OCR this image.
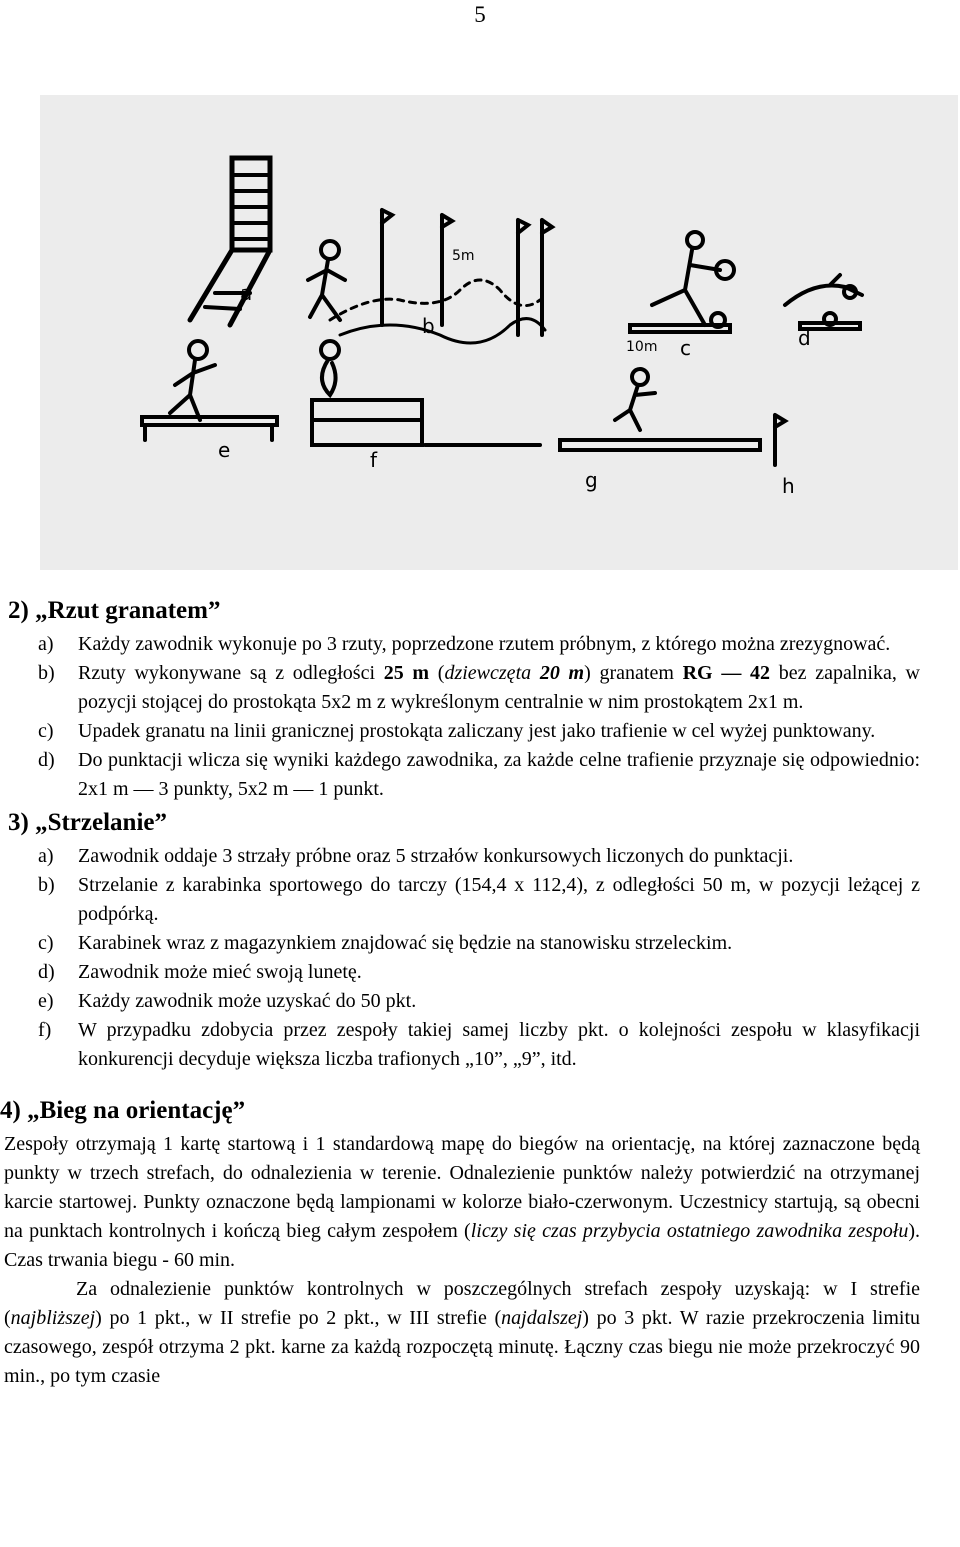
5
a
b
c	d
e	f
g	h
5m
10m
2) „Rzut granatem”
a) Każdy zawodnik wykonuje po 3 rzuty, poprzedzone rzutem próbnym, z którego można zrezygnować.
b) Rzuty wykonywane są z odległości 25 m (dziewczęta 20 m) granatem RG — 42 bez zapalnika, w pozycji stojącej do prostokąta 5x2 m z wykreślonym centralnie w nim prostokątem 2x1 m.
c) Upadek granatu na linii granicznej prostokąta zaliczany jest jako trafienie w cel wyżej punktowany.
d) Do punktacji wlicza się wyniki każdego zawodnika, za każde celne trafienie przyznaje się odpowiednio: 2x1 m — 3 punkty, 5x2 m — 1 punkt.
3) „Strzelanie”
a) Zawodnik oddaje 3 strzały próbne oraz 5 strzałów konkursowych liczonych do punktacji.
b) Strzelanie z karabinka sportowego do tarczy (154,4 x 112,4), z odległości 50 m, w pozycji leżącej z podpórką.
c) Karabinek wraz z magazynkiem znajdować się będzie na stanowisku strzeleckim.
d) Zawodnik może mieć swoją lunetę.
e) Każdy zawodnik może uzyskać do 50 pkt.
f) W przypadku zdobycia przez zespoły takiej samej liczby pkt. o kolejności zespołu w klasyfikacji konkurencji decyduje większa liczba trafionych „10”, „9”, itd.
4) „Bieg na orientację”
Zespoły otrzymają 1 kartę startową i 1 standardową mapę do biegów na orientację, na której zaznaczone będą punkty w trzech strefach, do odnalezienia w terenie. Odnalezienie punktów należy potwierdzić na otrzymanej karcie startowej. Punkty oznaczone będą lampionami w kolorze biało-czerwonym. Uczestnicy startują, są obecni na punktach kontrolnych i kończą bieg całym zespołem (liczy się czas przybycia ostatniego zawodnika zespołu). Czas trwania biegu - 60 min.
Za odnalezienie punktów kontrolnych w poszczególnych strefach zespoły uzyskają: w I strefie (najbliższej) po 1 pkt., w II strefie po 2 pkt., w III strefie (najdalszej) po 3 pkt. W razie przekroczenia limitu czasowego, zespół otrzyma 2 pkt. karne za każdą rozpoczętą minutę. Łączny czas biegu nie może przekroczyć 90 min., po tym czasie
